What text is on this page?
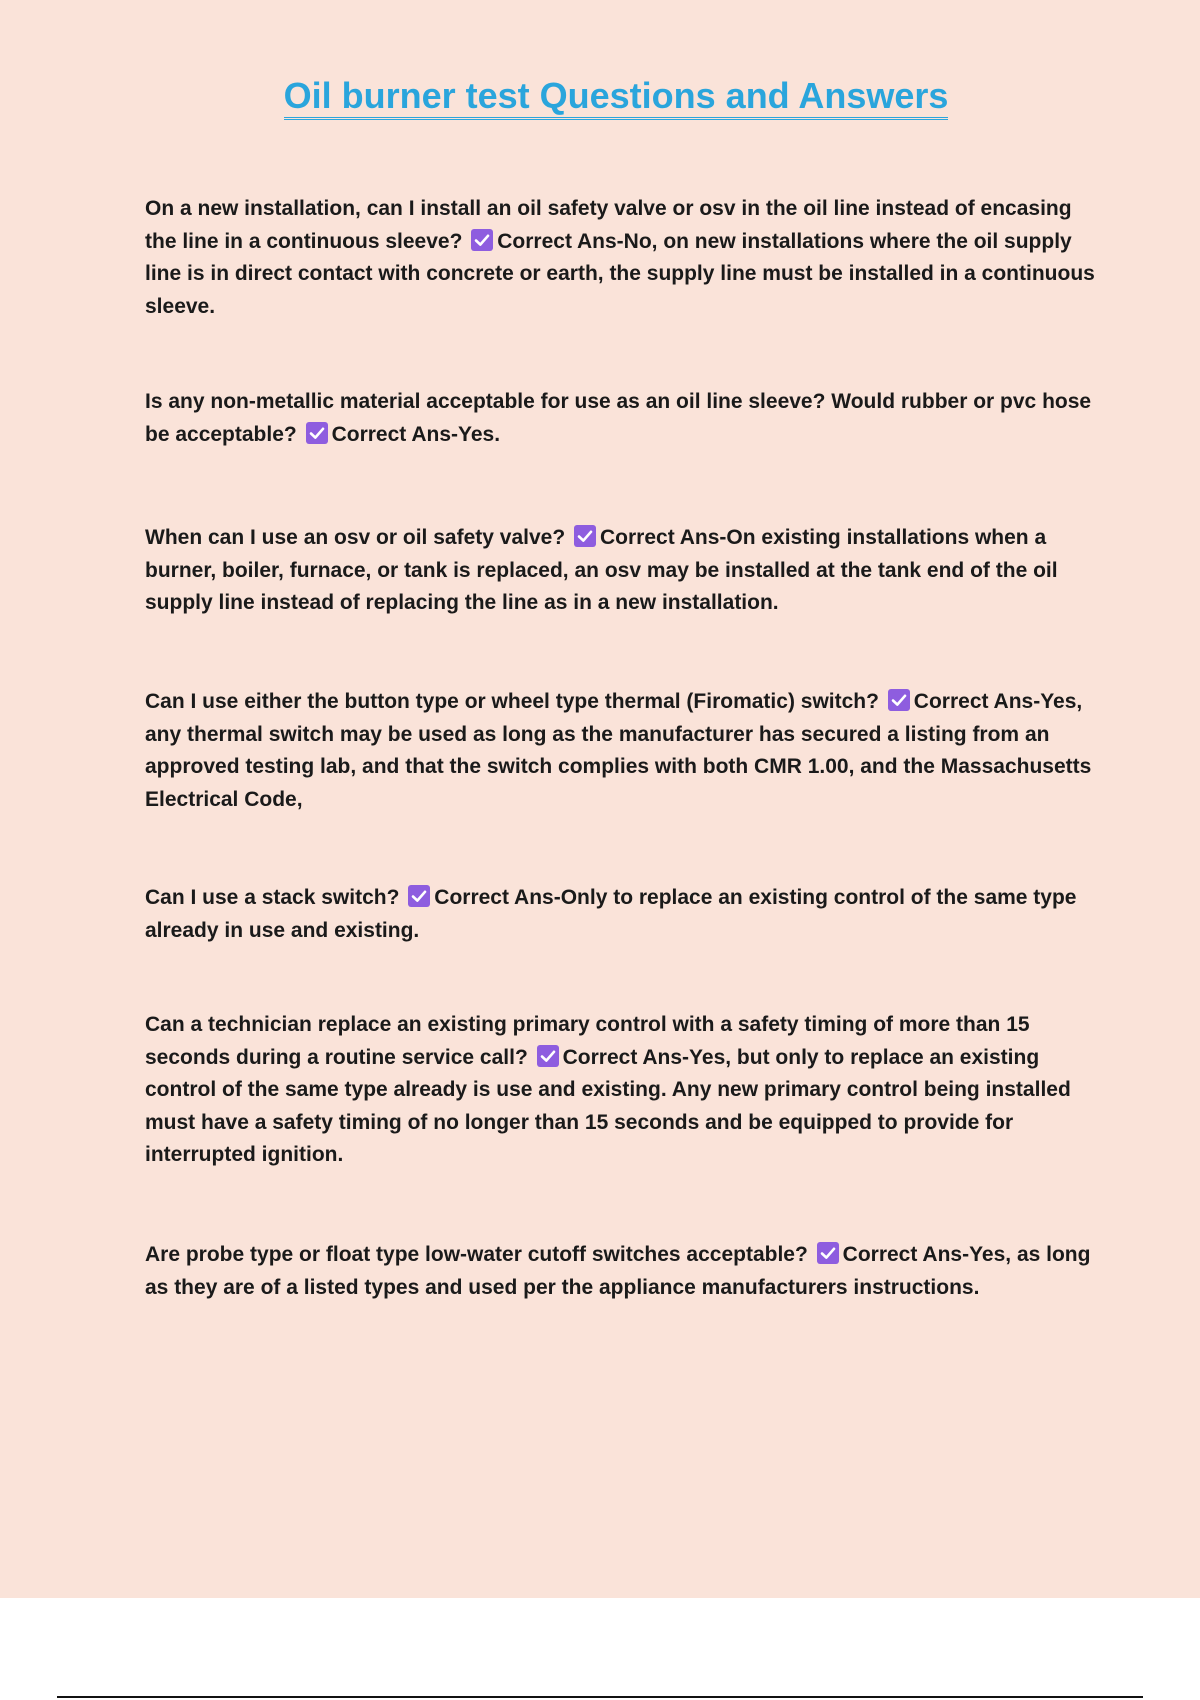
Oil burner test Questions and Answers

On a new installation, can I install an oil safety valve or osv in the oil line instead of encasing the line in a continuous sleeve? Correct Ans-No, on new installations where the oil supply line is in direct contact with concrete or earth, the supply line must be installed in a continuous sleeve.

Is any non-metallic material acceptable for use as an oil line sleeve? Would rubber or pvc hose be acceptable? Correct Ans-Yes.

When can I use an osv or oil safety valve? Correct Ans-On existing installations when a burner, boiler, furnace, or tank is replaced, an osv may be installed at the tank end of the oil supply line instead of replacing the line as in a new installation.

Can I use either the button type or wheel type thermal (Firomatic) switch? Correct Ans-Yes, any thermal switch may be used as long as the manufacturer has secured a listing from an approved testing lab, and that the switch complies with both CMR 1.00, and the Massachusetts Electrical Code,

Can I use a stack switch? Correct Ans-Only to replace an existing control of the same type already in use and existing.

Can a technician replace an existing primary control with a safety timing of more than 15 seconds during a routine service call? Correct Ans-Yes, but only to replace an existing control of the same type already is use and existing. Any new primary control being installed must have a safety timing of no longer than 15 seconds and be equipped to provide for interrupted ignition.

Are probe type or float type low-water cutoff switches acceptable? Correct Ans-Yes, as long as they are of a listed types and used per the appliance manufacturers instructions.
